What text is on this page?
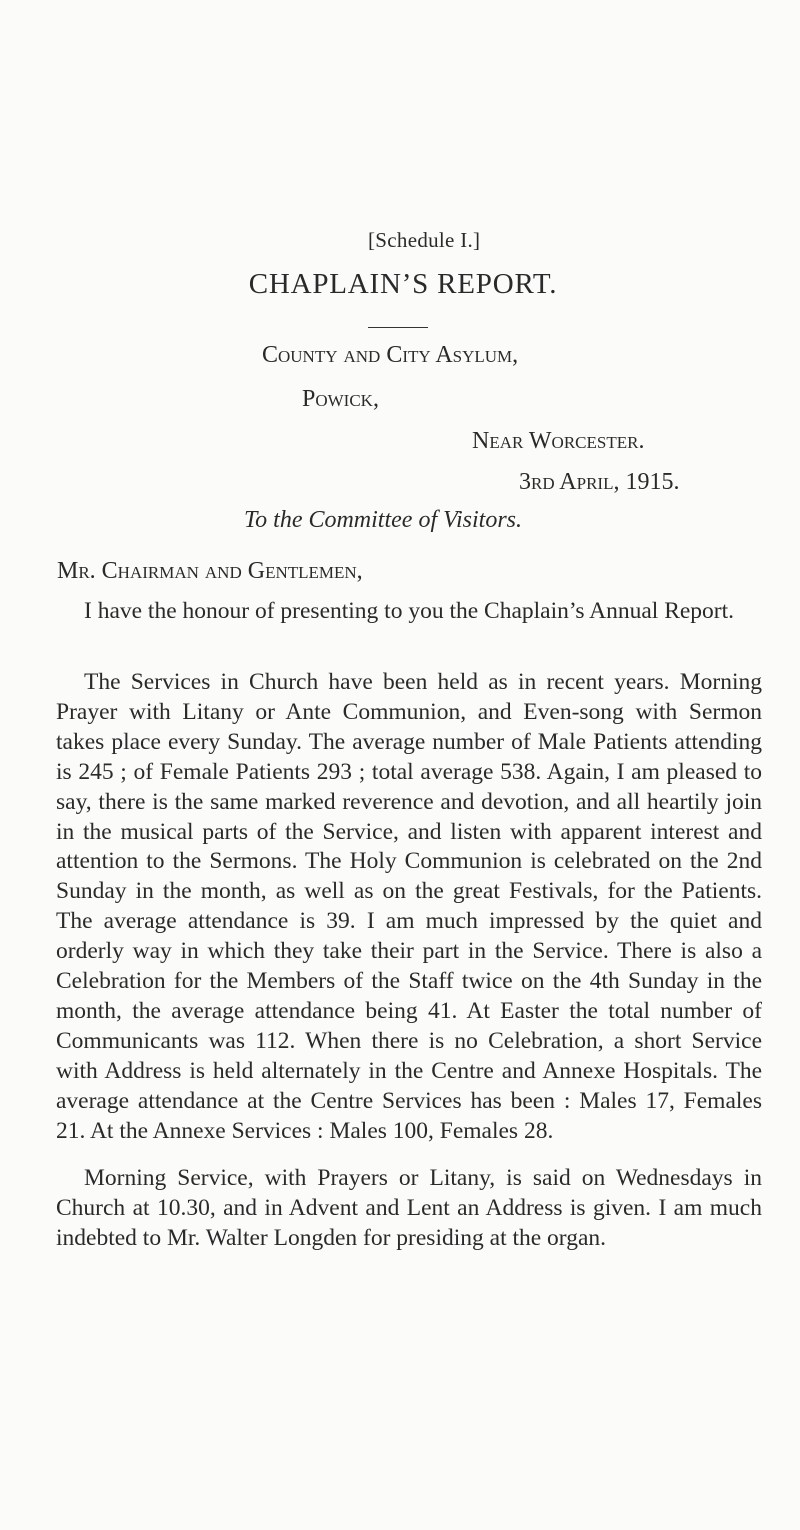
[Schedule I.]
CHAPLAIN’S REPORT.
County and City Asylum,
Powick,
Near Worcester.
3rd April, 1915.
To the Committee of Visitors.
Mr. Chairman and Gentlemen,
I have the honour of presenting to you the Chaplain’s Annual Report.
The Services in Church have been held as in recent years. Morning Prayer with Litany or Ante Communion, and Even-song with Sermon takes place every Sunday. The average number of Male Patients attending is 245 ; of Female Patients 293 ; total average 538. Again, I am pleased to say, there is the same marked reverence and devotion, and all heartily join in the musical parts of the Service, and listen with apparent interest and attention to the Sermons. The Holy Communion is celebrated on the 2nd Sunday in the month, as well as on the great Festivals, for the Patients. The average attendance is 39. I am much impressed by the quiet and orderly way in which they take their part in the Service. There is also a Celebration for the Members of the Staff twice on the 4th Sunday in the month, the average attendance being 41. At Easter the total number of Communicants was 112. When there is no Celebration, a short Service with Address is held alternately in the Centre and Annexe Hospitals. The average attendance at the Centre Services has been : Males 17, Females 21. At the Annexe Services : Males 100, Females 28.
Morning Service, with Prayers or Litany, is said on Wednesdays in Church at 10.30, and in Advent and Lent an Address is given. I am much indebted to Mr. Walter Longden for presiding at the organ.
